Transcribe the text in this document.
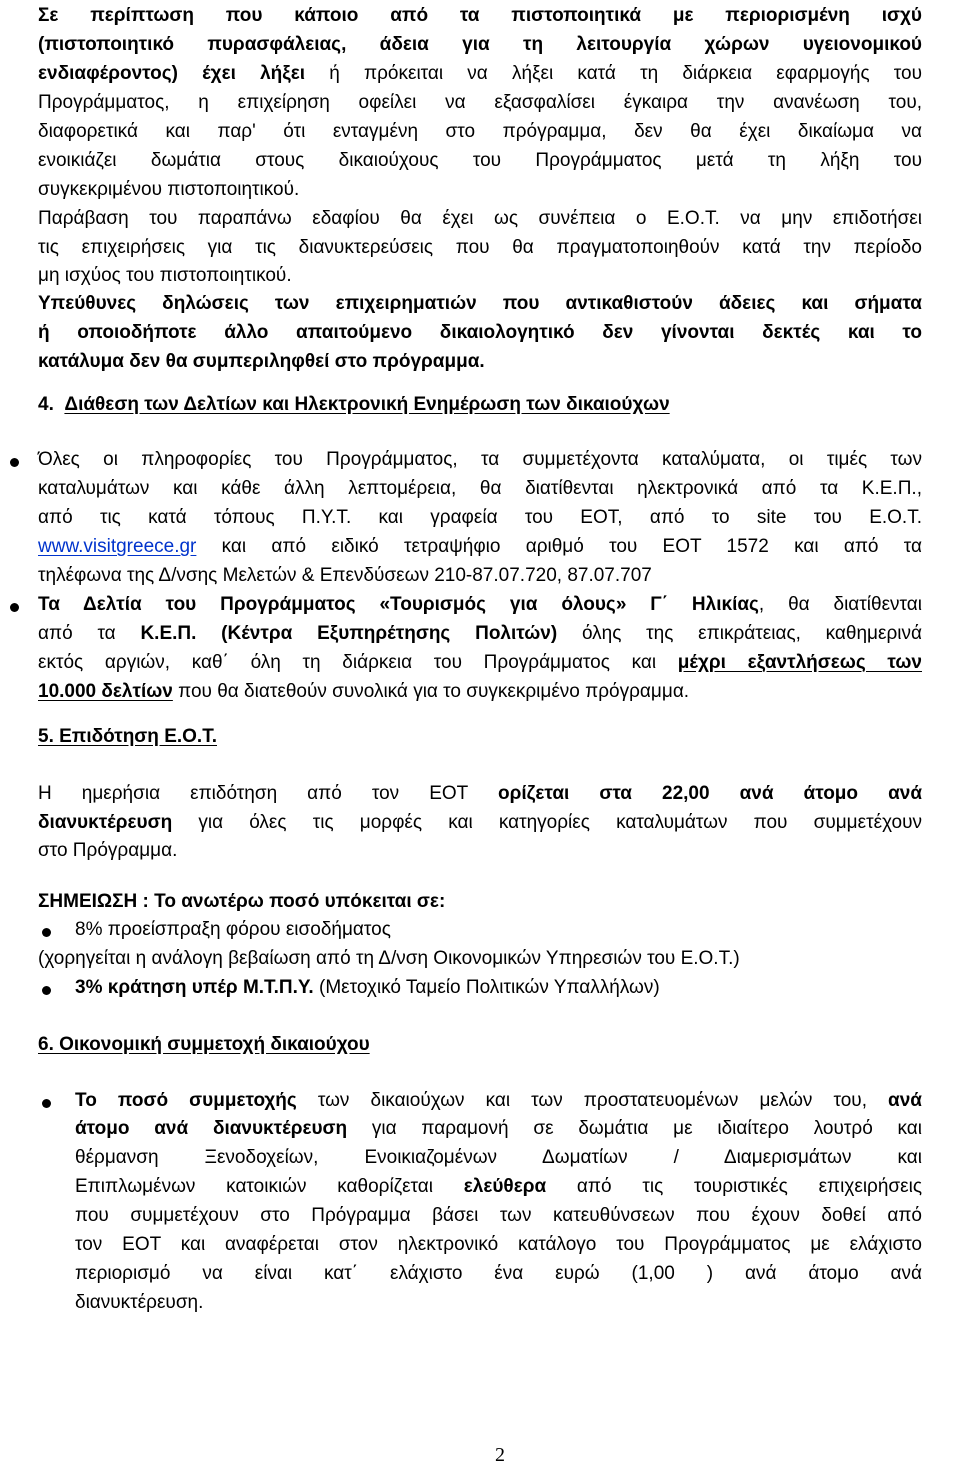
Σε περίπτωση που κάποιο από τα πιστοποιητικά με περιορισμένη ισχύ

(πιστοποιητικό πυρασφάλειας, άδεια για τη λειτουργία χώρων υγειονομικού

ενδιαφέροντος) έχει λήξει ή πρόκειται να λήξει κατά τη διάρκεια εφαρμογής του

Προγράμματος, η επιχείρηση οφείλει να εξασφαλίσει έγκαιρα την ανανέωση του,

διαφορετικά και παρ' ότι ενταγμένη στο πρόγραμμα, δεν θα έχει δικαίωμα να

ενοικιάζει δωμάτια στους δικαιούχους του Προγράμματος μετά τη λήξη του

συγκεκριμένου πιστοποιητικού.

Παράβαση του παραπάνω εδαφίου θα έχει ως συνέπεια ο Ε.Ο.Τ. να μην επιδοτήσει

τις επιχειρήσεις για τις διανυκτερεύσεις που θα πραγματοποιηθούν κατά την περίοδο

μη ισχύος του πιστοποιητικού.

Υπεύθυνες δηλώσεις των επιχειρηματιών που αντικαθιστούν άδειες και σήματα

ή οποιοδήποτε άλλο απαιτούμενο δικαιολογητικό δεν γίνονται δεκτές και το

κατάλυμα δεν θα συμπεριληφθεί στο πρόγραμμα.

4. Διάθεση των Δελτίων και Ηλεκτρονική Ενημέρωση των δικαιούχων

Όλες οι πληροφορίες του Προγράμματος, τα συμμετέχοντα καταλύματα, οι τιμές των

καταλυμάτων και κάθε άλλη λεπτομέρεια, θα διατίθενται ηλεκτρονικά από τα Κ.Ε.Π.,

από τις κατά τόπους Π.Υ.Τ. και γραφεία του ΕΟΤ, από το site του Ε.Ο.Τ.

www.visitgreece.gr και από ειδικό τετραψήφιο αριθμό του ΕΟΤ 1572 και από τα

τηλέφωνα της Δ/νσης Μελετών & Επενδύσεων 210-87.07.720, 87.07.707

Τα Δελτία του Προγράμματος «Τουρισμός για όλους» Γ΄ Ηλικίας, θα διατίθενται

από τα Κ.Ε.Π. (Κέντρα Εξυπηρέτησης Πολιτών) όλης της επικράτειας, καθημερινά

εκτός αργιών, καθ΄ όλη τη διάρκεια του Προγράμματος και μέχρι εξαντλήσεως των

10.000 δελτίων που θα διατεθούν συνολικά για το συγκεκριμένο πρόγραμμα.

5. Επιδότηση Ε.Ο.Τ.

Η ημερήσια επιδότηση από τον ΕΟΤ ορίζεται στα 22,00 ανά άτομο ανά

διανυκτέρευση για όλες τις μορφές και κατηγορίες καταλυμάτων που συμμετέχουν

στο Πρόγραμμα.

ΣΗΜΕΙΩΣΗ : Το ανωτέρω ποσό υπόκειται σε:

8% προείσπραξη φόρου εισοδήματος

(χορηγείται η ανάλογη βεβαίωση από τη Δ/νση Οικονομικών Υπηρεσιών του Ε.Ο.Τ.)

3% κράτηση υπέρ Μ.Τ.Π.Υ. (Μετοχικό Ταμείο Πολιτικών Υπαλλήλων)

6. Οικονομική συμμετοχή δικαιούχου

Το ποσό συμμετοχής των δικαιούχων και των προστατευομένων μελών του, ανά

άτομο ανά διανυκτέρευση για παραμονή σε δωμάτια με ιδιαίτερο λουτρό και

θέρμανση Ξενοδοχείων, Ενοικιαζομένων Δωματίων / Διαμερισμάτων και

Επιπλωμένων κατοικιών καθορίζεται ελεύθερα από τις τουριστικές επιχειρήσεις

που συμμετέχουν στο Πρόγραμμα βάσει των κατευθύνσεων που έχουν δοθεί από

τον ΕΟΤ και αναφέρεται στον ηλεκτρονικό κατάλογο του Προγράμματος με ελάχιστο

περιορισμό να είναι κατ΄ ελάχιστο ένα ευρώ (1,00 ) ανά άτομο ανά

διανυκτέρευση.

2
